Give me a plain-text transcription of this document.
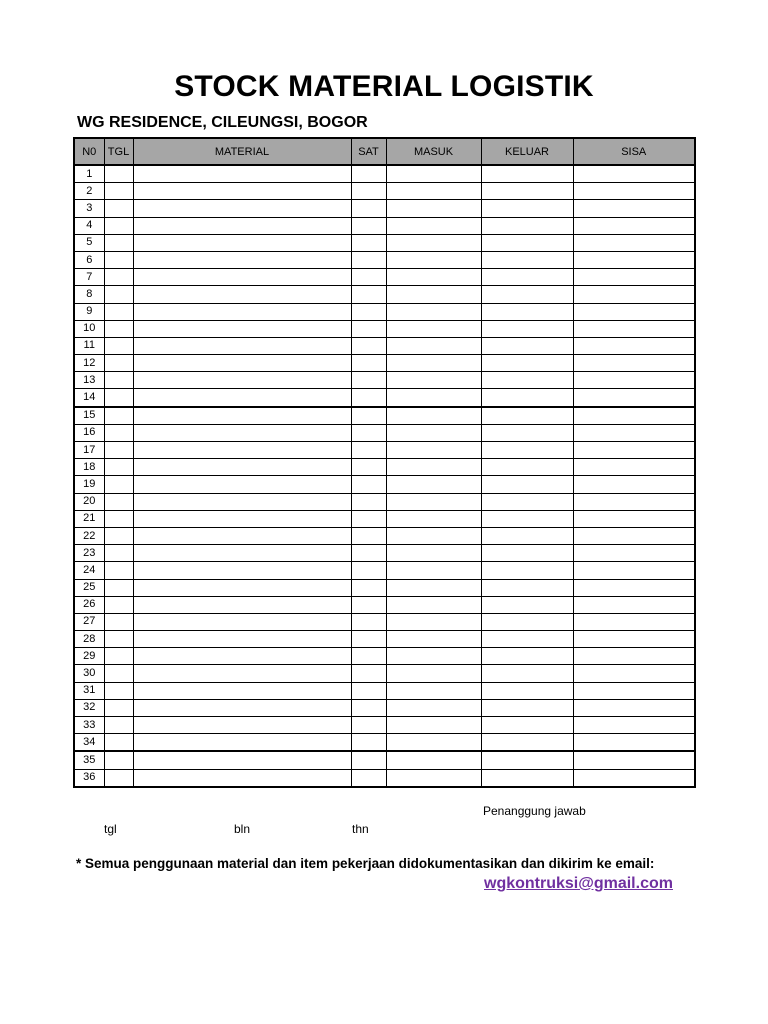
STOCK MATERIAL LOGISTIK
WG RESIDENCE, CILEUNGSI, BOGOR
N0	TGL	MATERIAL	SAT	MASUK	KELUAR	SISA
1						
2						
3						
4						
5						
6						
7						
8						
9						
10						
11						
12						
13						
14						
15						
16						
17						
18						
19						
20						
21						
22						
23						
24						
25						
26						
27						
28						
29						
30						
31						
32						
33						
34						
35						
36						
Penanggung jawab
tgl	bln	thn
* Semua penggunaan material dan item pekerjaan didokumentasikan dan dikirim ke email:
wgkontruksi@gmail.com
